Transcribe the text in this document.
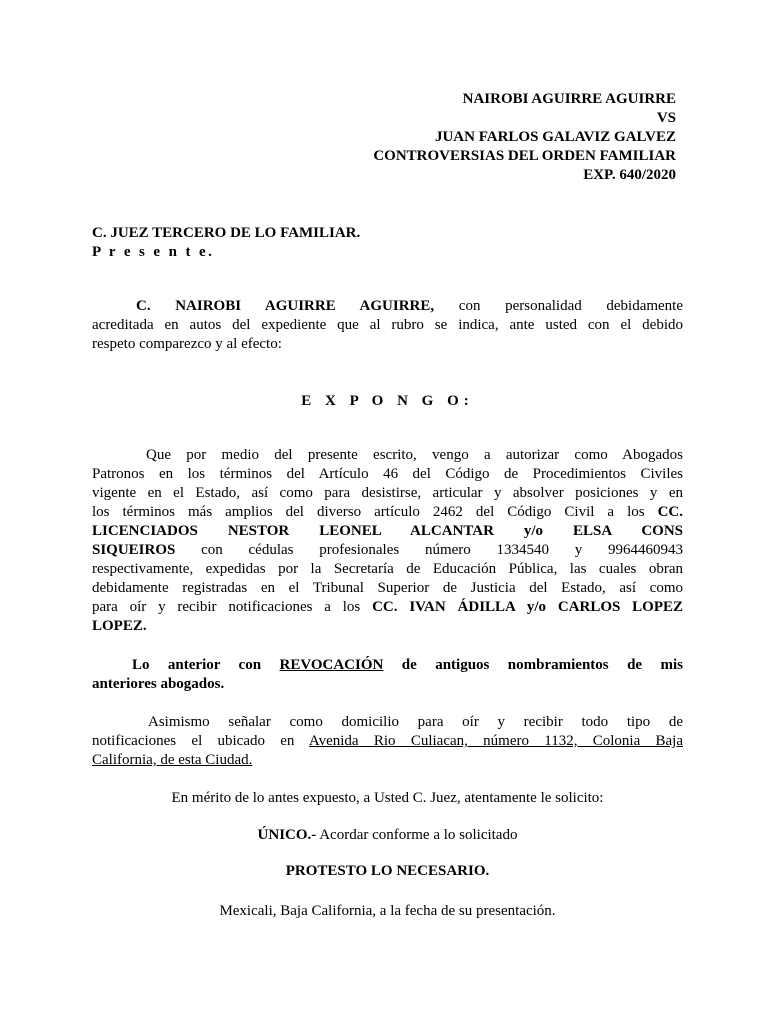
NAIROBI AGUIRRE AGUIRRE
VS
JUAN FARLOS GALAVIZ GALVEZ
CONTROVERSIAS DEL ORDEN FAMILIAR
EXP. 640/2020
C. JUEZ TERCERO DE LO FAMILIAR.
P r e s e n t e.
C. NAIROBI AGUIRRE AGUIRRE, con personalidad debidamente
acreditada en autos del expediente que al rubro se indica, ante usted con el debido
respeto comparezco y al efecto:
E X P O N G O:
Que por medio del presente escrito, vengo a autorizar como Abogados
Patronos en los términos del Artículo 46 del Código de Procedimientos Civiles
vigente en el Estado, así como para desistirse, articular y absolver posiciones y en
los términos más amplios del diverso artículo 2462 del Código Civil a los CC.
LICENCIADOS NESTOR LEONEL ALCANTAR y/o ELSA CONS
SIQUEIROS con cédulas profesionales número 1334540 y 9964460943
respectivamente, expedidas por la Secretaría de Educación Pública, las cuales obran
debidamente registradas en el Tribunal Superior de Justicia del Estado, así como
para oír y recibir notificaciones a los CC. IVAN ÁDILLA y/o CARLOS LOPEZ
LOPEZ.
Lo anterior con REVOCACIÓN de antiguos nombramientos de mis
anteriores abogados.
Asimismo señalar como domicilio para oír y recibir todo tipo de
notificaciones el ubicado en Avenida Rio Culiacan, número 1132, Colonia Baja
California, de esta Ciudad.
En mérito de lo antes expuesto, a Usted C. Juez, atentamente le solicito:
ÚNICO.- Acordar conforme a lo solicitado
PROTESTO LO NECESARIO.
Mexicali, Baja California, a la fecha de su presentación.
